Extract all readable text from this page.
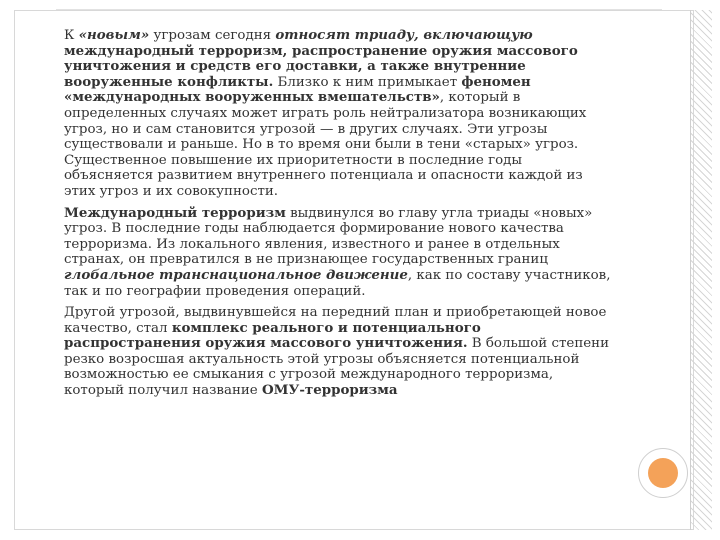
К «новым» угрозам сегодня относят триаду, включающую международный терроризм, распространение оружия массового уничтожения и средств его доставки, а также внутренние вооруженные конфликты. Близко к ним примыкает феномен «международных вооруженных вмешательств», который в определенных случаях может играть роль нейтрализатора возникающих угроз, но и сам становится угрозой — в других случаях. Эти угрозы существовали и раньше. Но в то время они были в тени «старых» угроз. Существенное повышение их приоритетности в последние годы объясняется развитием внутреннего потенциала и опасности каждой из этих угроз и их совокупности.

Международный терроризм выдвинулся во главу угла триады «новых» угроз. В последние годы наблюдается формирование нового качества терроризма. Из локального явления, известного и ранее в отдельных странах, он превратился в не признающее государственных границ глобальное транснациональное движение, как по составу участников, так и по географии проведения операций.

Другой угрозой, выдвинувшейся на передний план и приобретающей новое качество, стал комплекс реального и потенциального распространения оружия массового уничтожения. В большой степени резко возросшая актуальность этой угрозы объясняется потенциальной возможностью ее смыкания с угрозой международного терроризма, который получил название ОМУ-терроризма
